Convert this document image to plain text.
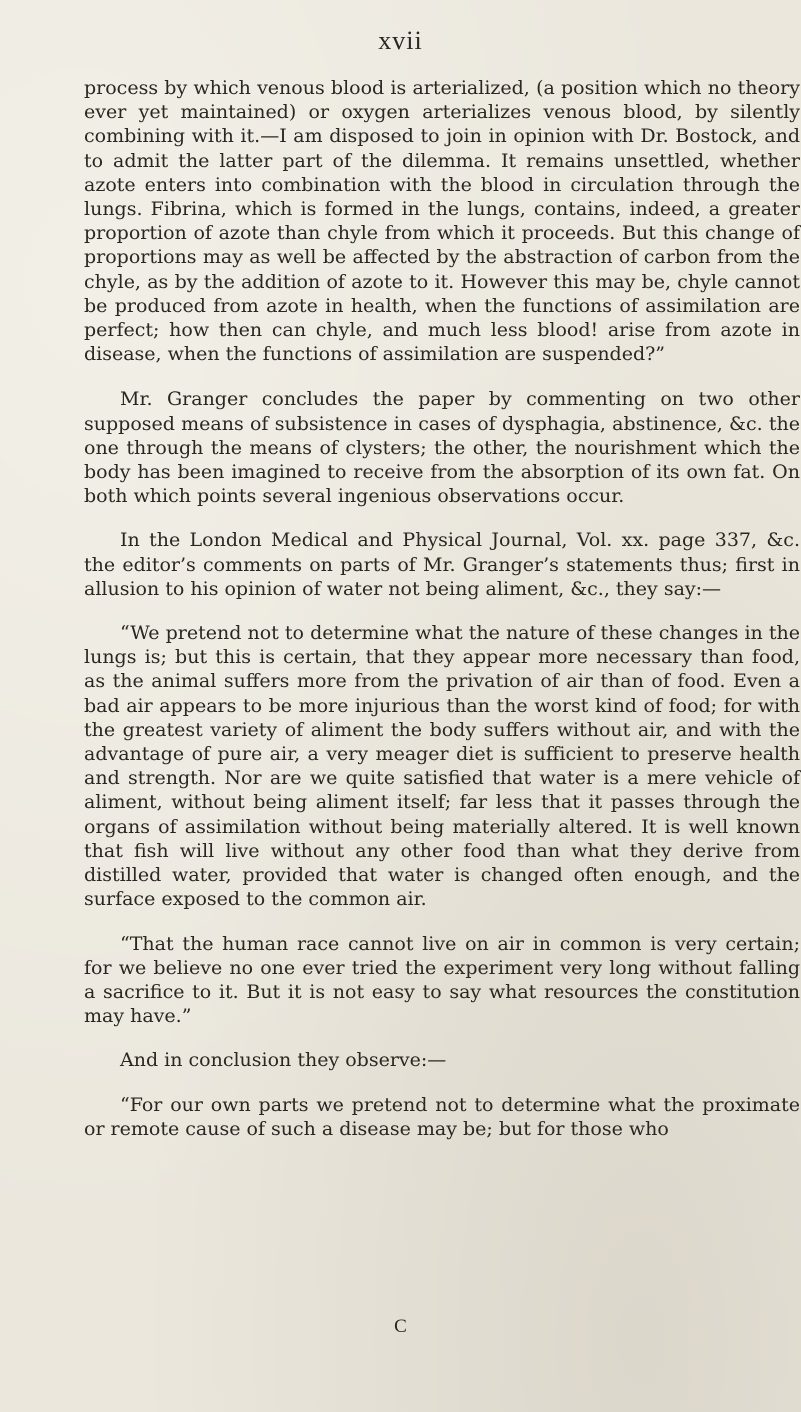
xvii

process by which venous blood is arterialized, (a position which no theory ever yet maintained) or oxygen arterializes venous blood, by silently combining with it.—I am disposed to join in opinion with Dr. Bostock, and to admit the latter part of the dilemma. It remains unsettled, whether azote enters into combination with the blood in circulation through the lungs. Fibrina, which is formed in the lungs, contains, indeed, a greater proportion of azote than chyle from which it proceeds. But this change of proportions may as well be affected by the abstraction of carbon from the chyle, as by the addition of azote to it. However this may be, chyle cannot be produced from azote in health, when the functions of assimilation are perfect; how then can chyle, and much less blood! arise from azote in disease, when the functions of assimilation are suspended?”

Mr. Granger concludes the paper by commenting on two other supposed means of subsistence in cases of dysphagia, abstinence, &c. the one through the means of clysters; the other, the nourishment which the body has been imagined to receive from the absorption of its own fat. On both which points several ingenious observations occur.

In the London Medical and Physical Journal, Vol. xx. page 337, &c. the editor’s comments on parts of Mr. Granger’s statements thus; first in allusion to his opinion of water not being aliment, &c., they say:—

“We pretend not to determine what the nature of these changes in the lungs is; but this is certain, that they appear more necessary than food, as the animal suffers more from the privation of air than of food. Even a bad air appears to be more injurious than the worst kind of food; for with the greatest variety of aliment the body suffers without air, and with the advantage of pure air, a very meager diet is sufficient to preserve health and strength. Nor are we quite satisfied that water is a mere vehicle of aliment, without being aliment itself; far less that it passes through the organs of assimilation without being materially altered. It is well known that fish will live without any other food than what they derive from distilled water, provided that water is changed often enough, and the surface exposed to the common air.

“That the human race cannot live on air in common is very certain; for we believe no one ever tried the experiment very long without falling a sacrifice to it. But it is not easy to say what resources the constitution may have.”

And in conclusion they observe:—

“For our own parts we pretend not to determine what the proximate or remote cause of such a disease may be; but for those who

C
